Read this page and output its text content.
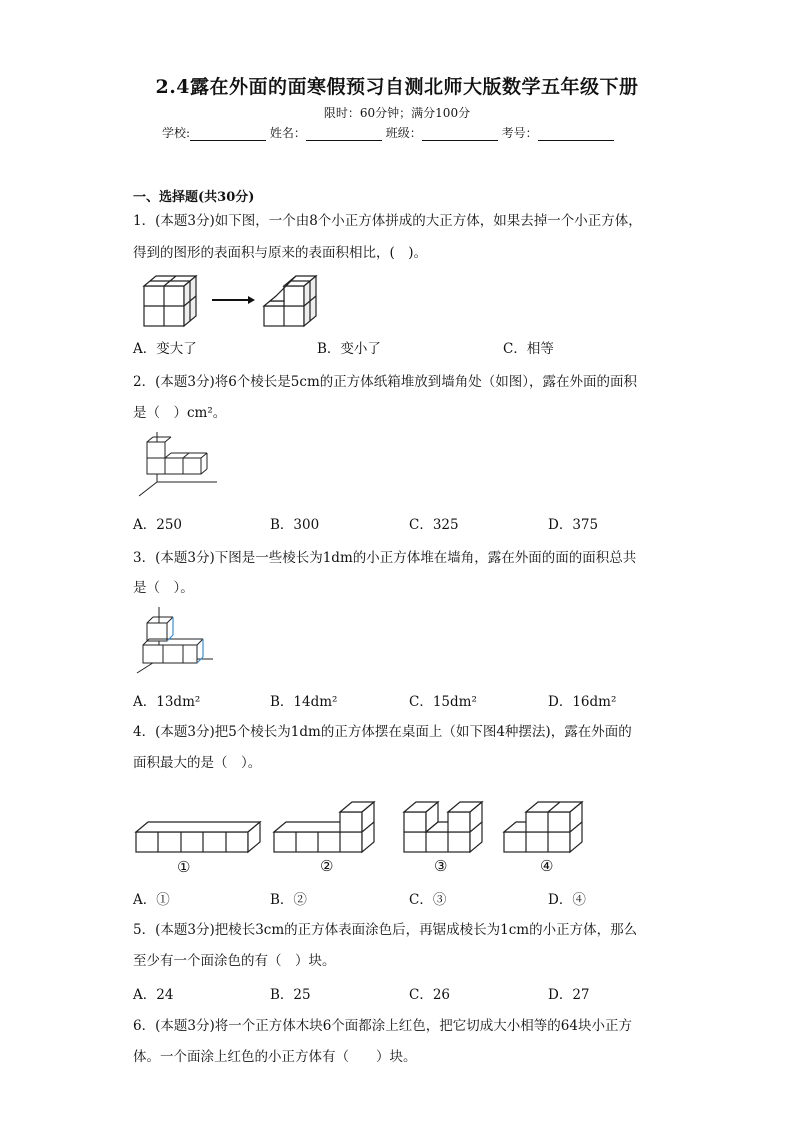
2.4露在外面的面寒假预习自测北师大版数学五年级下册
限时：60分钟；满分100分
学校:	姓名：	班级：	考号：
一、选择题(共30分)
1．(本题3分)如下图，一个由8个小正方体拼成的大正方体，如果去掉一个小正方体，
得到的图形的表面积与原来的表面积相比，(　)。
A．变大了	B．变小了	C．相等
2．(本题3分)将6个棱长是5cm的正方体纸箱堆放到墙角处（如图），露在外面的面积
是（　）cm²。
A．250	B．300	C．325	D．375
3．(本题3分)下图是一些棱长为1dm的小正方体堆在墙角，露在外面的面的面积总共
是（　）。
A．13dm²	B．14dm²	C．15dm²	D．16dm²
4．(本题3分)把5个棱长为1dm的正方体摆在桌面上（如下图4种摆法)，露在外面的
面积最大的是（　）。
①	②	③	④
A．①	B．②	C．③	D．④
5．(本题3分)把棱长3cm的正方体表面涂色后，再锯成棱长为1cm的小正方体，那么
至少有一个面涂色的有（　）块。
A．24	B．25	C．26	D．27
6．(本题3分)将一个正方体木块6个面都涂上红色，把它切成大小相等的64块小正方
体。一个面涂上红色的小正方体有（　　）块。
